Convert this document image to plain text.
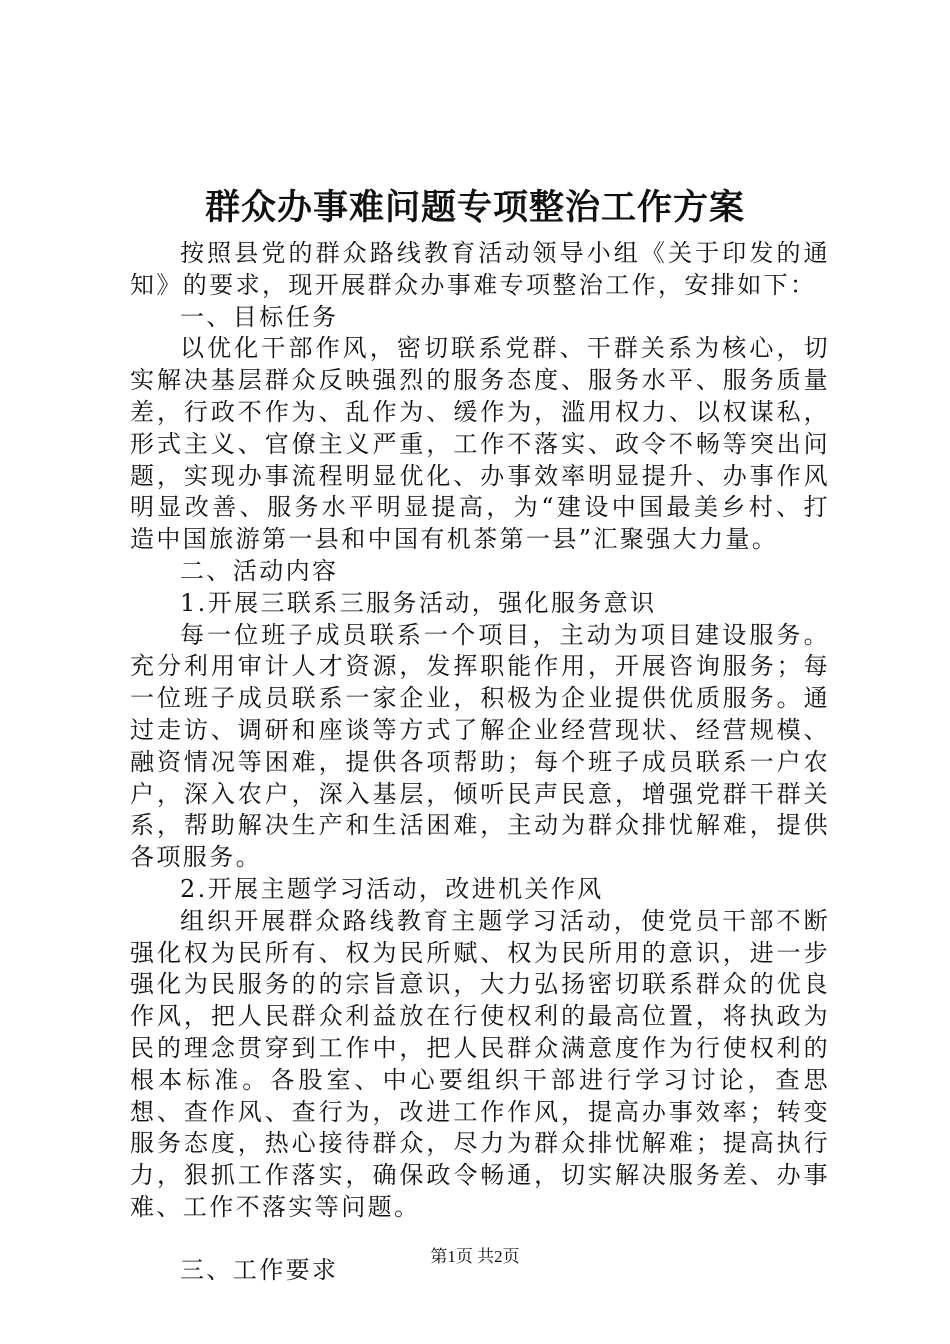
群众办事难问题专项整治工作方案

按照县党的群众路线教育活动领导小组《关于印发的通知》的要求，现开展群众办事难专项整治工作，安排如下：

一、目标任务

以优化干部作风，密切联系党群、干群关系为核心，切实解决基层群众反映强烈的服务态度、服务水平、服务质量差，行政不作为、乱作为、缓作为，滥用权力、以权谋私，形式主义、官僚主义严重，工作不落实、政令不畅等突出问题，实现办事流程明显优化、办事效率明显提升、办事作风明显改善、服务水平明显提高，为“建设中国最美乡村、打造中国旅游第一县和中国有机茶第一县”汇聚强大力量。

二、活动内容

1.开展三联系三服务活动，强化服务意识

每一位班子成员联系一个项目，主动为项目建设服务。充分利用审计人才资源，发挥职能作用，开展咨询服务；每一位班子成员联系一家企业，积极为企业提供优质服务。通过走访、调研和座谈等方式了解企业经营现状、经营规模、融资情况等困难，提供各项帮助；每个班子成员联系一户农户，深入农户，深入基层，倾听民声民意，增强党群干群关系，帮助解决生产和生活困难，主动为群众排忧解难，提供各项服务。

2.开展主题学习活动，改进机关作风

组织开展群众路线教育主题学习活动，使党员干部不断强化权为民所有、权为民所赋、权为民所用的意识，进一步强化为民服务的的宗旨意识，大力弘扬密切联系群众的优良作风，把人民群众利益放在行使权利的最高位置，将执政为民的理念贯穿到工作中，把人民群众满意度作为行使权利的根本标准。各股室、中心要组织干部进行学习讨论，查思想、查作风、查行为，改进工作作风，提高办事效率；转变服务态度，热心接待群众，尽力为群众排忧解难；提高执行力，狠抓工作落实，确保政令畅通，切实解决服务差、办事难、工作不落实等问题。

三、工作要求	第1页 共2页
